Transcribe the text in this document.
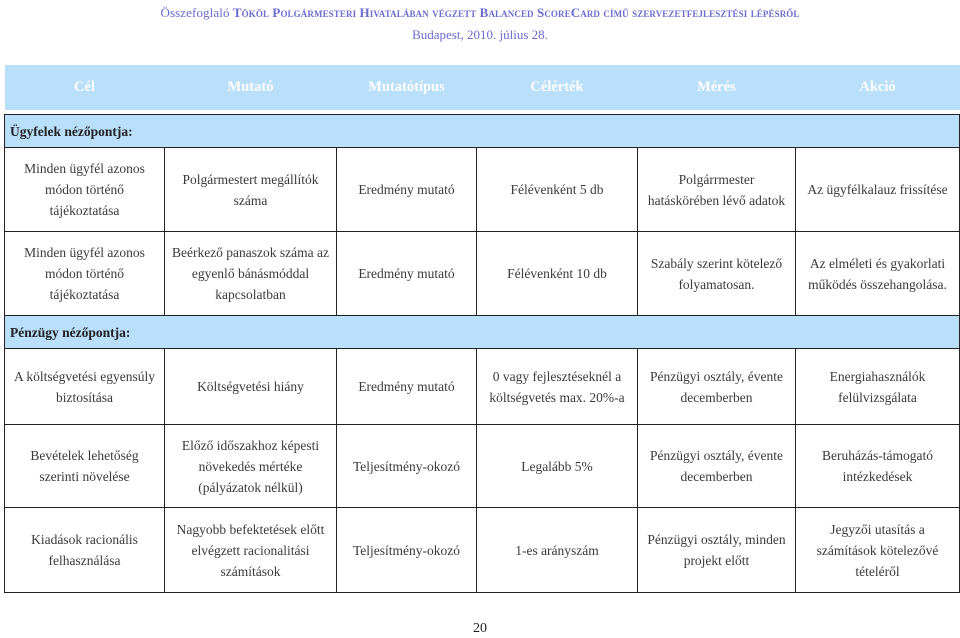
Összefoglaló Tököl Polgármesteri Hivatalában végzett Balanced ScoreCard című szervezetfejlesztési lépésről
Budapest, 2010. július 28.
Cél	Mutató	Mutatótípus	Célérték	Mérés	Akció

Ügyfelek nézőpontja:					
Minden ügyfél azonos módon történő tájékoztatása	Polgármestert megállítók száma	Eredmény mutató	Félévenként 5 db	Polgárrmester hatáskörében lévő adatok	Az ügyfélkalauz frissítése
Minden ügyfél azonos módon történő tájékoztatása	Beérkező panaszok száma az egyenlő bánásmóddal kapcsolatban	Eredmény mutató	Félévenként 10 db	Szabály szerint kötelező folyamatosan.	Az elméleti és gyakorlati működés összehangolása.
Pénzügy nézőpontja:					
A költségvetési egyensúly biztosítása	Költségvetési hiány	Eredmény mutató	0 vagy fejlesztéseknél a költségvetés max. 20%-a	Pénzügyi osztály, évente decemberben	Energiahasználók felülvizsgálata
Bevételek lehetőség szerinti növelése	Előző időszakhoz képesti növekedés mértéke (pályázatok nélkül)	Teljesítmény-okozó	Legalább 5%	Pénzügyi osztály, évente decemberben	Beruházás-támogató intézkedések
Kiadások racionális felhasználása	Nagyobb befektetések előtt elvégzett racionalitási számítások	Teljesítmény-okozó	1-es arányszám	Pénzügyi osztály, minden projekt előtt	Jegyzői utasítás a számítások kötelezővé tételéről
20
